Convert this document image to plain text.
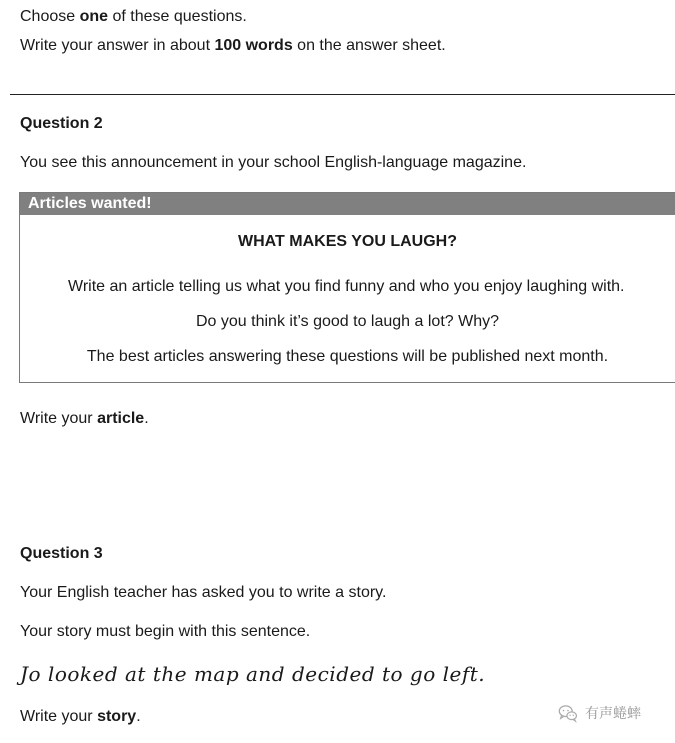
Choose one of these questions.
Write your answer in about 100 words on the answer sheet.
Question 2
You see this announcement in your school English-language magazine.
Articles wanted!
WHAT MAKES YOU LAUGH?
Write an article telling us what you find funny and who you enjoy laughing with.
Do you think it’s good to laugh a lot? Why?
The best articles answering these questions will be published next month.
Write your article.
Question 3
Your English teacher has asked you to write a story.
Your story must begin with this sentence.
Jo looked at the map and decided to go left.
Write your story.	有声蜷蟀
